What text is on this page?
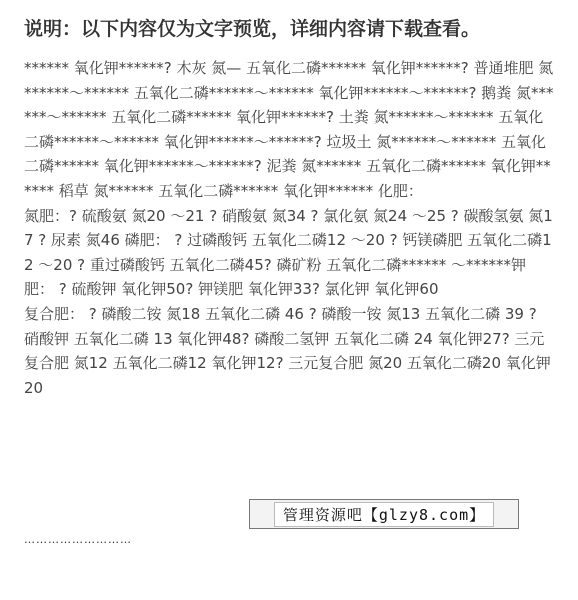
说明：以下内容仅为文字预览，详细内容请下载查看。

****** 氧化钾******? 木灰 氮— 五氧化二磷****** 氧化钾******? 普通堆肥 氮******～****** 五氧化二磷******～****** 氧化钾******～******? 鹅粪 氮******～****** 五氧化二磷****** 氧化钾******? 土粪 氮******～****** 五氧化二磷******～****** 氧化钾******～******? 垃圾土 氮******～****** 五氧化二磷****** 氧化钾******～******? 泥粪 氮****** 五氧化二磷****** 氧化钾****** 稻草 氮****** 五氧化二磷****** 氧化钾****** 化肥：

氮肥：? 硫酸氨 氮20 ～21 ? 硝酸氨 氮34 ? 氯化氨 氮24 ～25 ? 碳酸氢氨 氮17 ? 尿素 氮46 磷肥： ? 过磷酸钙 五氧化二磷12 ～20 ? 钙镁磷肥 五氧化二磷12 ～20 ? 重过磷酸钙 五氧化二磷45? 磷矿粉 五氧化二磷****** ～******钾肥： ? 硫酸钾 氧化钾50? 钾镁肥 氧化钾33? 氯化钾 氧化钾60

复合肥： ? 磷酸二铵 氮18 五氧化二磷 46 ? 磷酸一铵 氮13 五氧化二磷 39 ? 硝酸钾 五氧化二磷 13 氧化钾48? 磷酸二氢钾 五氧化二磷 24 氧化钾27? 三元复合肥 氮12 五氧化二磷12 氧化钾12? 三元复合肥 氮20 五氧化二磷20 氧化钾20

………………………
管理资源吧【glzy8.com】
